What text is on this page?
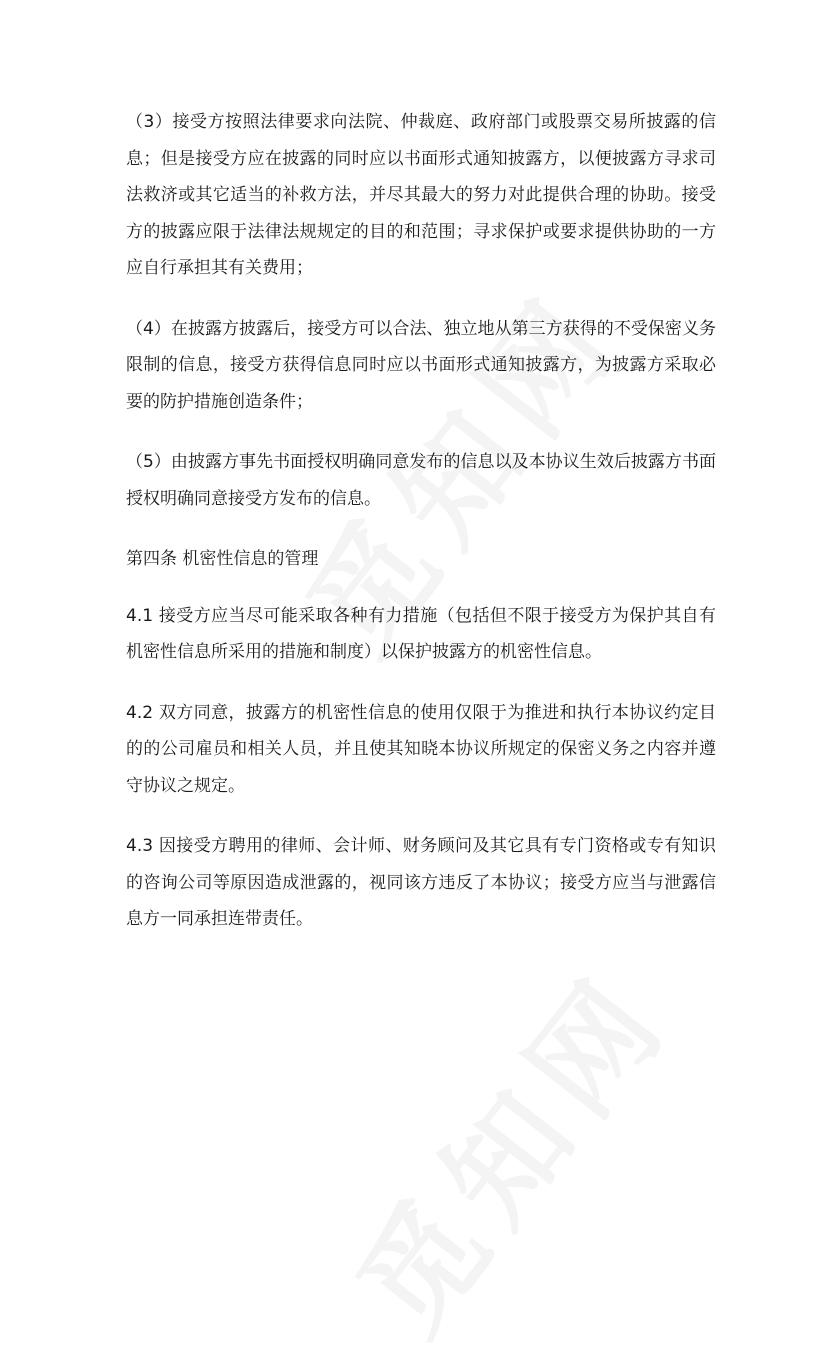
（3）接受方按照法律要求向法院、仲裁庭、政府部门或股票交易所披露的信息；但是接受方应在披露的同时应以书面形式通知披露方，以便披露方寻求司法救济或其它适当的补救方法，并尽其最大的努力对此提供合理的协助。接受方的披露应限于法律法规规定的目的和范围；寻求保护或要求提供协助的一方应自行承担其有关费用；

（4）在披露方披露后，接受方可以合法、独立地从第三方获得的不受保密义务限制的信息，接受方获得信息同时应以书面形式通知披露方，为披露方采取必要的防护措施创造条件；

（5）由披露方事先书面授权明确同意发布的信息以及本协议生效后披露方书面授权明确同意接受方发布的信息。

第四条 机密性信息的管理

4.1 接受方应当尽可能采取各种有力措施（包括但不限于接受方为保护其自有机密性信息所采用的措施和制度）以保护披露方的机密性信息。

4.2 双方同意，披露方的机密性信息的使用仅限于为推进和执行本协议约定目的的公司雇员和相关人员，并且使其知晓本协议所规定的保密义务之内容并遵守协议之规定。

4.3 因接受方聘用的律师、会计师、财务顾问及其它具有专门资格或专有知识的咨询公司等原因造成泄露的，视同该方违反了本协议；接受方应当与泄露信息方一同承担连带责任。
